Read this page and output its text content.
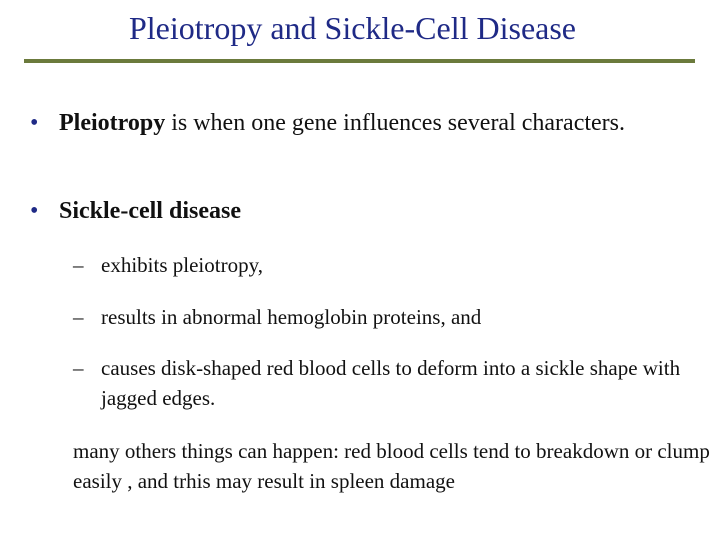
Pleiotropy and Sickle-Cell Disease
• Pleiotropy is when one gene influences several characters.
• Sickle-cell disease
– exhibits pleiotropy,
– results in abnormal hemoglobin proteins, and
– causes disk-shaped red blood cells to deform into a sickle shape with jagged edges.
many others things can happen: red blood cells tend to breakdown or clump easily , and trhis may result in spleen damage
